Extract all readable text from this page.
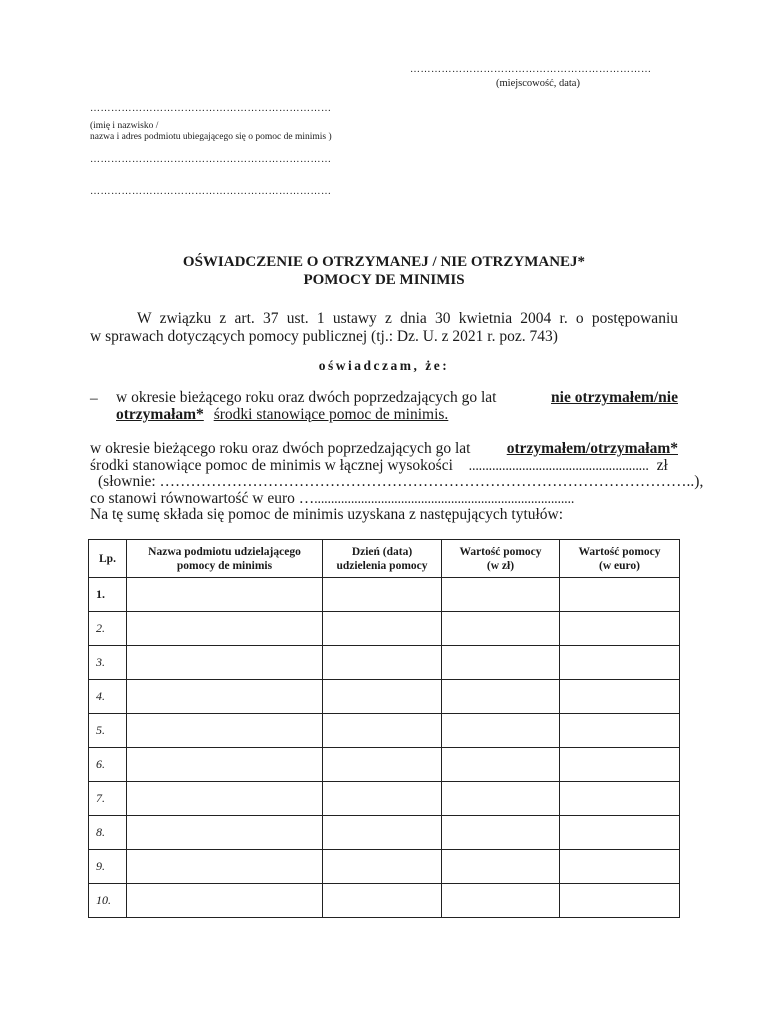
……………………………………………………………
(miejscowość, data)
……………………………………………………………
(imię i nazwisko /
nazwa i adres podmiotu ubiegającego się o pomoc de minimis )
……………………………………………………………
……………………………………………………………
OŚWIADCZENIE O OTRZYMANEJ / NIE OTRZYMANEJ*
POMOCY DE MINIMIS
W związku z art. 37 ust. 1 ustawy z dnia 30 kwietnia 2004 r. o postępowaniu
w sprawach dotyczących pomocy publicznej (tj.: Dz. U. z 2021 r. poz. 743)
oświadczam, że:
– w okresie bieżącego roku oraz dwóch poprzedzających go lat	nie otrzymałem/nie
otrzymałam* środki stanowiące pomoc de minimis.
w okresie bieżącego roku oraz dwóch poprzedzających go lat otrzymałem/otrzymałam*
środki stanowiące pomoc de minimis w łącznej wysokości ……………………………………………… zł
(słownie: …………………………………………………………………………………………..),
co stanowi równowartość w euro ………………………………………………………………………
Na tę sumę składa się pomoc de minimis uzyskana z następujących tytułów:
Lp.	Nazwa podmiotu udzielającego pomocy de minimis	Dzień (data) udzielenia pomocy	Wartość pomocy (w zł)	Wartość pomocy (w euro)
1.				
2.				
3.				
4.				
5.				
6.				
7.				
8.				
9.				
10.				
